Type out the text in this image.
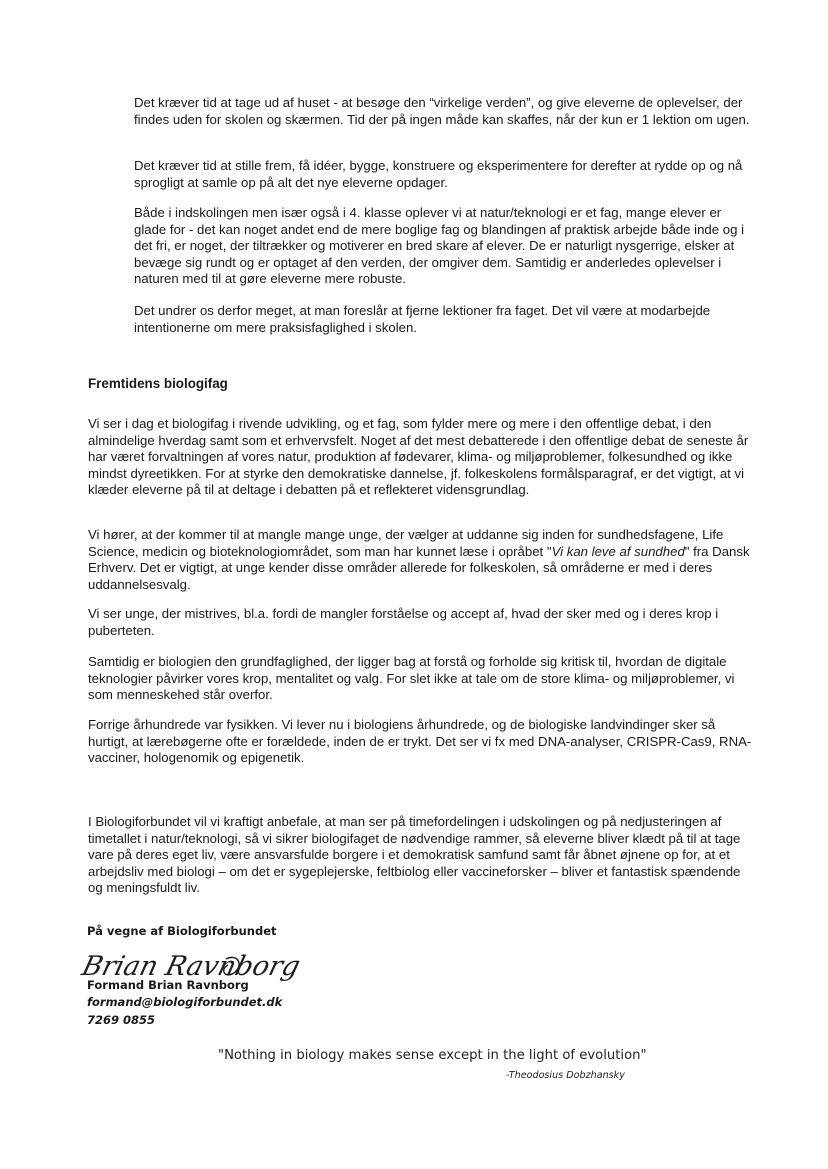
Det kræver tid at tage ud af huset - at besøge den “virkelige verden”, og give eleverne de oplevelser, der findes uden for skolen og skærmen. Tid der på ingen måde kan skaffes, når der kun er 1 lektion om ugen.

Det kræver tid at stille frem, få idéer, bygge, konstruere og eksperimentere for derefter at rydde op og nå sprogligt at samle op på alt det nye eleverne opdager.

Både i indskolingen men især også i 4. klasse oplever vi at natur/teknologi er et fag, mange elever er glade for - det kan noget andet end de mere boglige fag og blandingen af praktisk arbejde både inde og i det fri, er noget, der tiltrækker og motiverer en bred skare af elever. De er naturligt nysgerrige, elsker at bevæge sig rundt og er optaget af den verden, der omgiver dem. Samtidig er anderledes oplevelser i naturen med til at gøre eleverne mere robuste.

Det undrer os derfor meget, at man foreslår at fjerne lektioner fra faget. Det vil være at modarbejde intentionerne om mere praksisfaglighed i skolen.

Fremtidens biologifag

Vi ser i dag et biologifag i rivende udvikling, og et fag, som fylder mere og mere i den offentlige debat, i den almindelige hverdag samt som et erhvervsfelt. Noget af det mest debatterede i den offentlige debat de seneste år har været forvaltningen af vores natur, produktion af fødevarer, klima- og miljøproblemer, folkesundhed og ikke mindst dyreetikken. For at styrke den demokratiske dannelse, jf. folkeskolens formålsparagraf, er det vigtigt, at vi klæder eleverne på til at deltage i debatten på et reflekteret vidensgrundlag.

Vi hører, at der kommer til at mangle mange unge, der vælger at uddanne sig inden for sundhedsfagene, Life Science, medicin og bioteknologiområdet, som man har kunnet læse i opråbet "Vi kan leve af sundhed" fra Dansk Erhverv. Det er vigtigt, at unge kender disse områder allerede for folkeskolen, så områderne er med i deres uddannelsesvalg.

Vi ser unge, der mistrives, bl.a. fordi de mangler forståelse og accept af, hvad der sker med og i deres krop i puberteten.

Samtidig er biologien den grundfaglighed, der ligger bag at forstå og forholde sig kritisk til, hvordan de digitale teknologier påvirker vores krop, mentalitet og valg. For slet ikke at tale om de store klima- og miljøproblemer, vi som menneskehed står overfor.

Forrige århundrede var fysikken. Vi lever nu i biologiens århundrede, og de biologiske landvindinger sker så hurtigt, at lærebøgerne ofte er forældede, inden de er trykt. Det ser vi fx med DNA-analyser, CRISPR-Cas9, RNA-vacciner, hologenomik og epigenetik.

I Biologiforbundet vil vi kraftigt anbefale, at man ser på timefordelingen i udskolingen og på nedjusteringen af timetallet i natur/teknologi, så vi sikrer biologifaget de nødvendige rammer, så eleverne bliver klædt på til at tage vare på deres eget liv, være ansvarsfulde borgere i et demokratisk samfund samt får åbnet øjnene op for, at et arbejdsliv med biologi – om det er sygeplejerske, feltbiolog eller vaccineforsker – bliver et fantastisk spændende og meningsfuldt liv.

På vegne af Biologiforbundet
Brian Ravnborg
Formand Brian Ravnborg
formand@biologiforbundet.dk
7269 0855
"Nothing in biology makes sense except in the light of evolution"
-Theodosius Dobzhansky
